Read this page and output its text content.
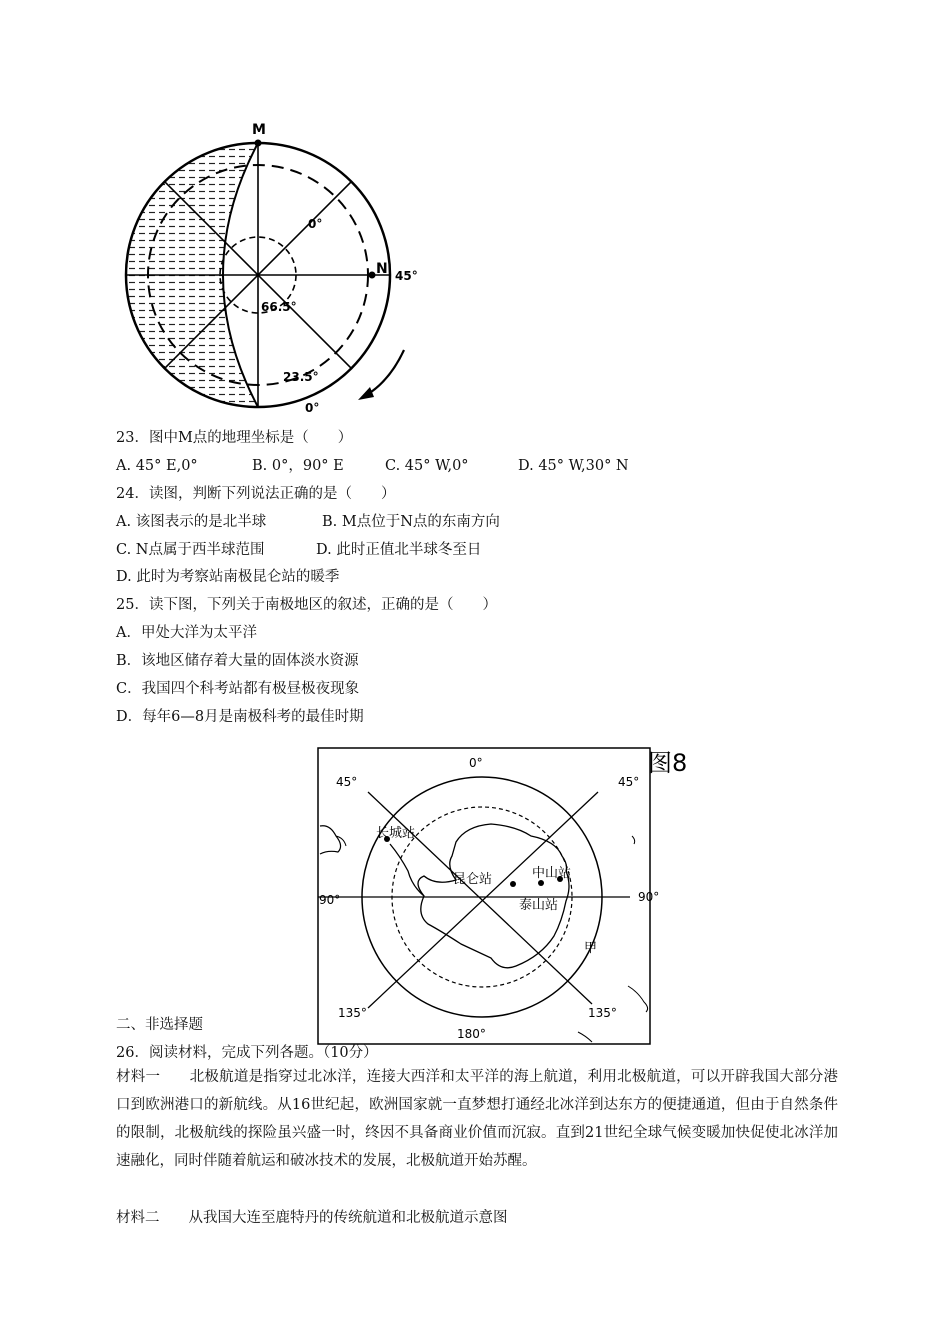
M
N 45°
0°
66.5°
23.5°
0°
23．图中M点的地理坐标是（　　）
A. 45° E,0°	B. 0°，90° E	C. 45° W,0°	D. 45° W,30° N
24．读图，判断下列说法正确的是（　　）
A. 该图表示的是北半球	B. M点位于N点的东南方向
C. N点属于西半球范围	D. 此时正值北半球冬至日
D. 此时为考察站南极昆仑站的暖季
25．读下图，下列关于南极地区的叙述，正确的是（　　）
A．甲处大洋为太平洋
B．该地区储存着大量的固体淡水资源
C．我国四个科考站都有极昼极夜现象
D．每年6—8月是南极科考的最佳时期
0°
45°	45°
90°	90°
135°	135°
180°
长城站
昆仑站	中山站
泰山站
甲
图8
二、非选择题
26．阅读材料，完成下列各题。（10分）
材料一　　北极航道是指穿过北冰洋，连接大西洋和太平洋的海上航道，利用北极航道，可以开辟我国大部分港口到欧洲港口的新航线。从16世纪起，欧洲国家就一直梦想打通经北冰洋到达东方的便捷通道，但由于自然条件的限制，北极航线的探险虽兴盛一时，终因不具备商业价值而沉寂。直到21世纪全球气候变暖加快促使北冰洋加速融化，同时伴随着航运和破冰技术的发展，北极航道开始苏醒。
材料二　　从我国大连至鹿特丹的传统航道和北极航道示意图
